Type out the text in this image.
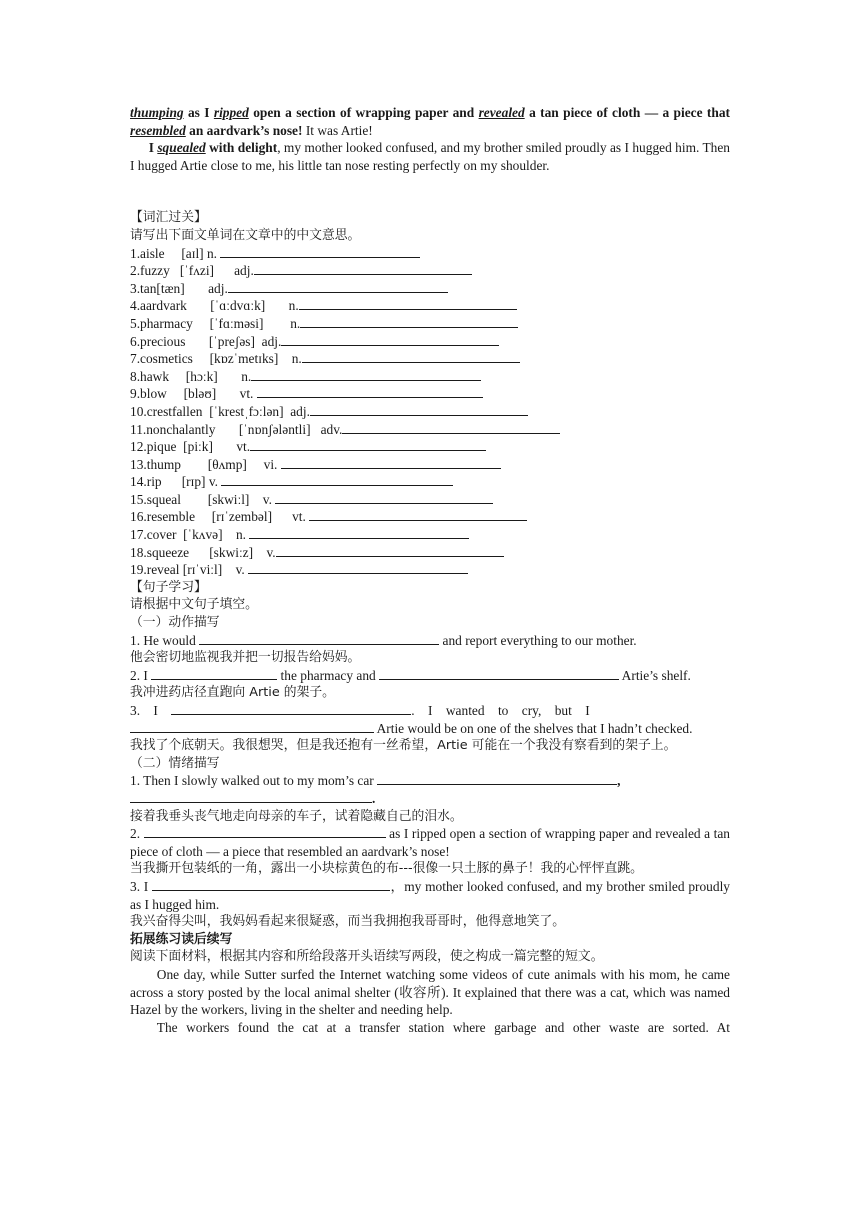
thumping as I ripped open a section of wrapping paper and revealed a tan piece of cloth — a piece that resembled an aardvark’s nose! It was Artie!

I squealed with delight, my mother looked confused, and my brother smiled proudly as I hugged him. Then I hugged Artie close to me, his little tan nose resting perfectly on my shoulder.

【词汇过关】

请写出下面文单词在文章中的中文意思。

1.aisle     [aɪl] n.

2.fuzzy   [ˈfʌzi]      adj.

3.tan[tæn]       adj.

4.aardvark       [ˈɑːdvɑːk]       n.

5.pharmacy     [ˈfɑːməsi]        n.

6.precious       [ˈpreʃəs]  adj.

7.cosmetics     [kɒzˈmetɪks]    n.

8.hawk     [hɔːk]       n.

9.blow     [bləʊ]       vt.

10.crestfallen  [ˈkrestˌfɔːlən]  adj.

11.nonchalantly       [ˈnɒnʃələntli]   adv.

12.pique  [piːk]       vt.

13.thump        [θʌmp]     vi.

14.rip      [rɪp] v.

15.squeal        [skwiːl]    v.

16.resemble     [rɪˈzembəl]      vt.

17.cover  [ˈkʌvə]    n.

18.squeeze      [skwiːz]    v.

19.reveal [rɪˈviːl]    v.

【句子学习】

请根据中文句子填空。

（一）动作描写

1. He would	and report everything to our mother.

他会密切地监视我并把一切报告给妈妈。

2. I	the pharmacy and	Artie’s shelf.

我冲进药店径直跑向 Artie 的架子。

3.    I	.    I    wanted    to    cry,    but    I

Artie would be on one of the shelves that I hadn’t checked.

我找了个底朝天。我很想哭，但是我还抱有一丝希望，Artie 可能在一个我没有察看到的架子上。

（二）情绪描写

1. Then I slowly walked out to my mom’s car	,

.

接着我垂头丧气地走向母亲的车子，试着隐藏自己的泪水。

2.	as I ripped open a section of wrapping paper and revealed a tan piece of cloth — a piece that resembled an aardvark’s nose!

当我撕开包装纸的一角，露出一小块棕黄色的布---很像一只土豚的鼻子！我的心怦怦直跳。

3. I	，my mother looked confused, and my brother smiled proudly as I hugged him.

我兴奋得尖叫，我妈妈看起来很疑惑，而当我拥抱我哥哥时，他得意地笑了。

拓展练习读后续写

阅读下面材料，根据其内容和所给段落开头语续写两段，使之构成一篇完整的短文。

One day, while Sutter surfed the Internet watching some videos of cute animals with his mom, he came across a story posted by the local animal shelter (收容所). It explained that there was a cat, which was named Hazel by the workers, living in the shelter and needing help.

The workers found the cat at a transfer station where garbage and other waste are sorted. At
